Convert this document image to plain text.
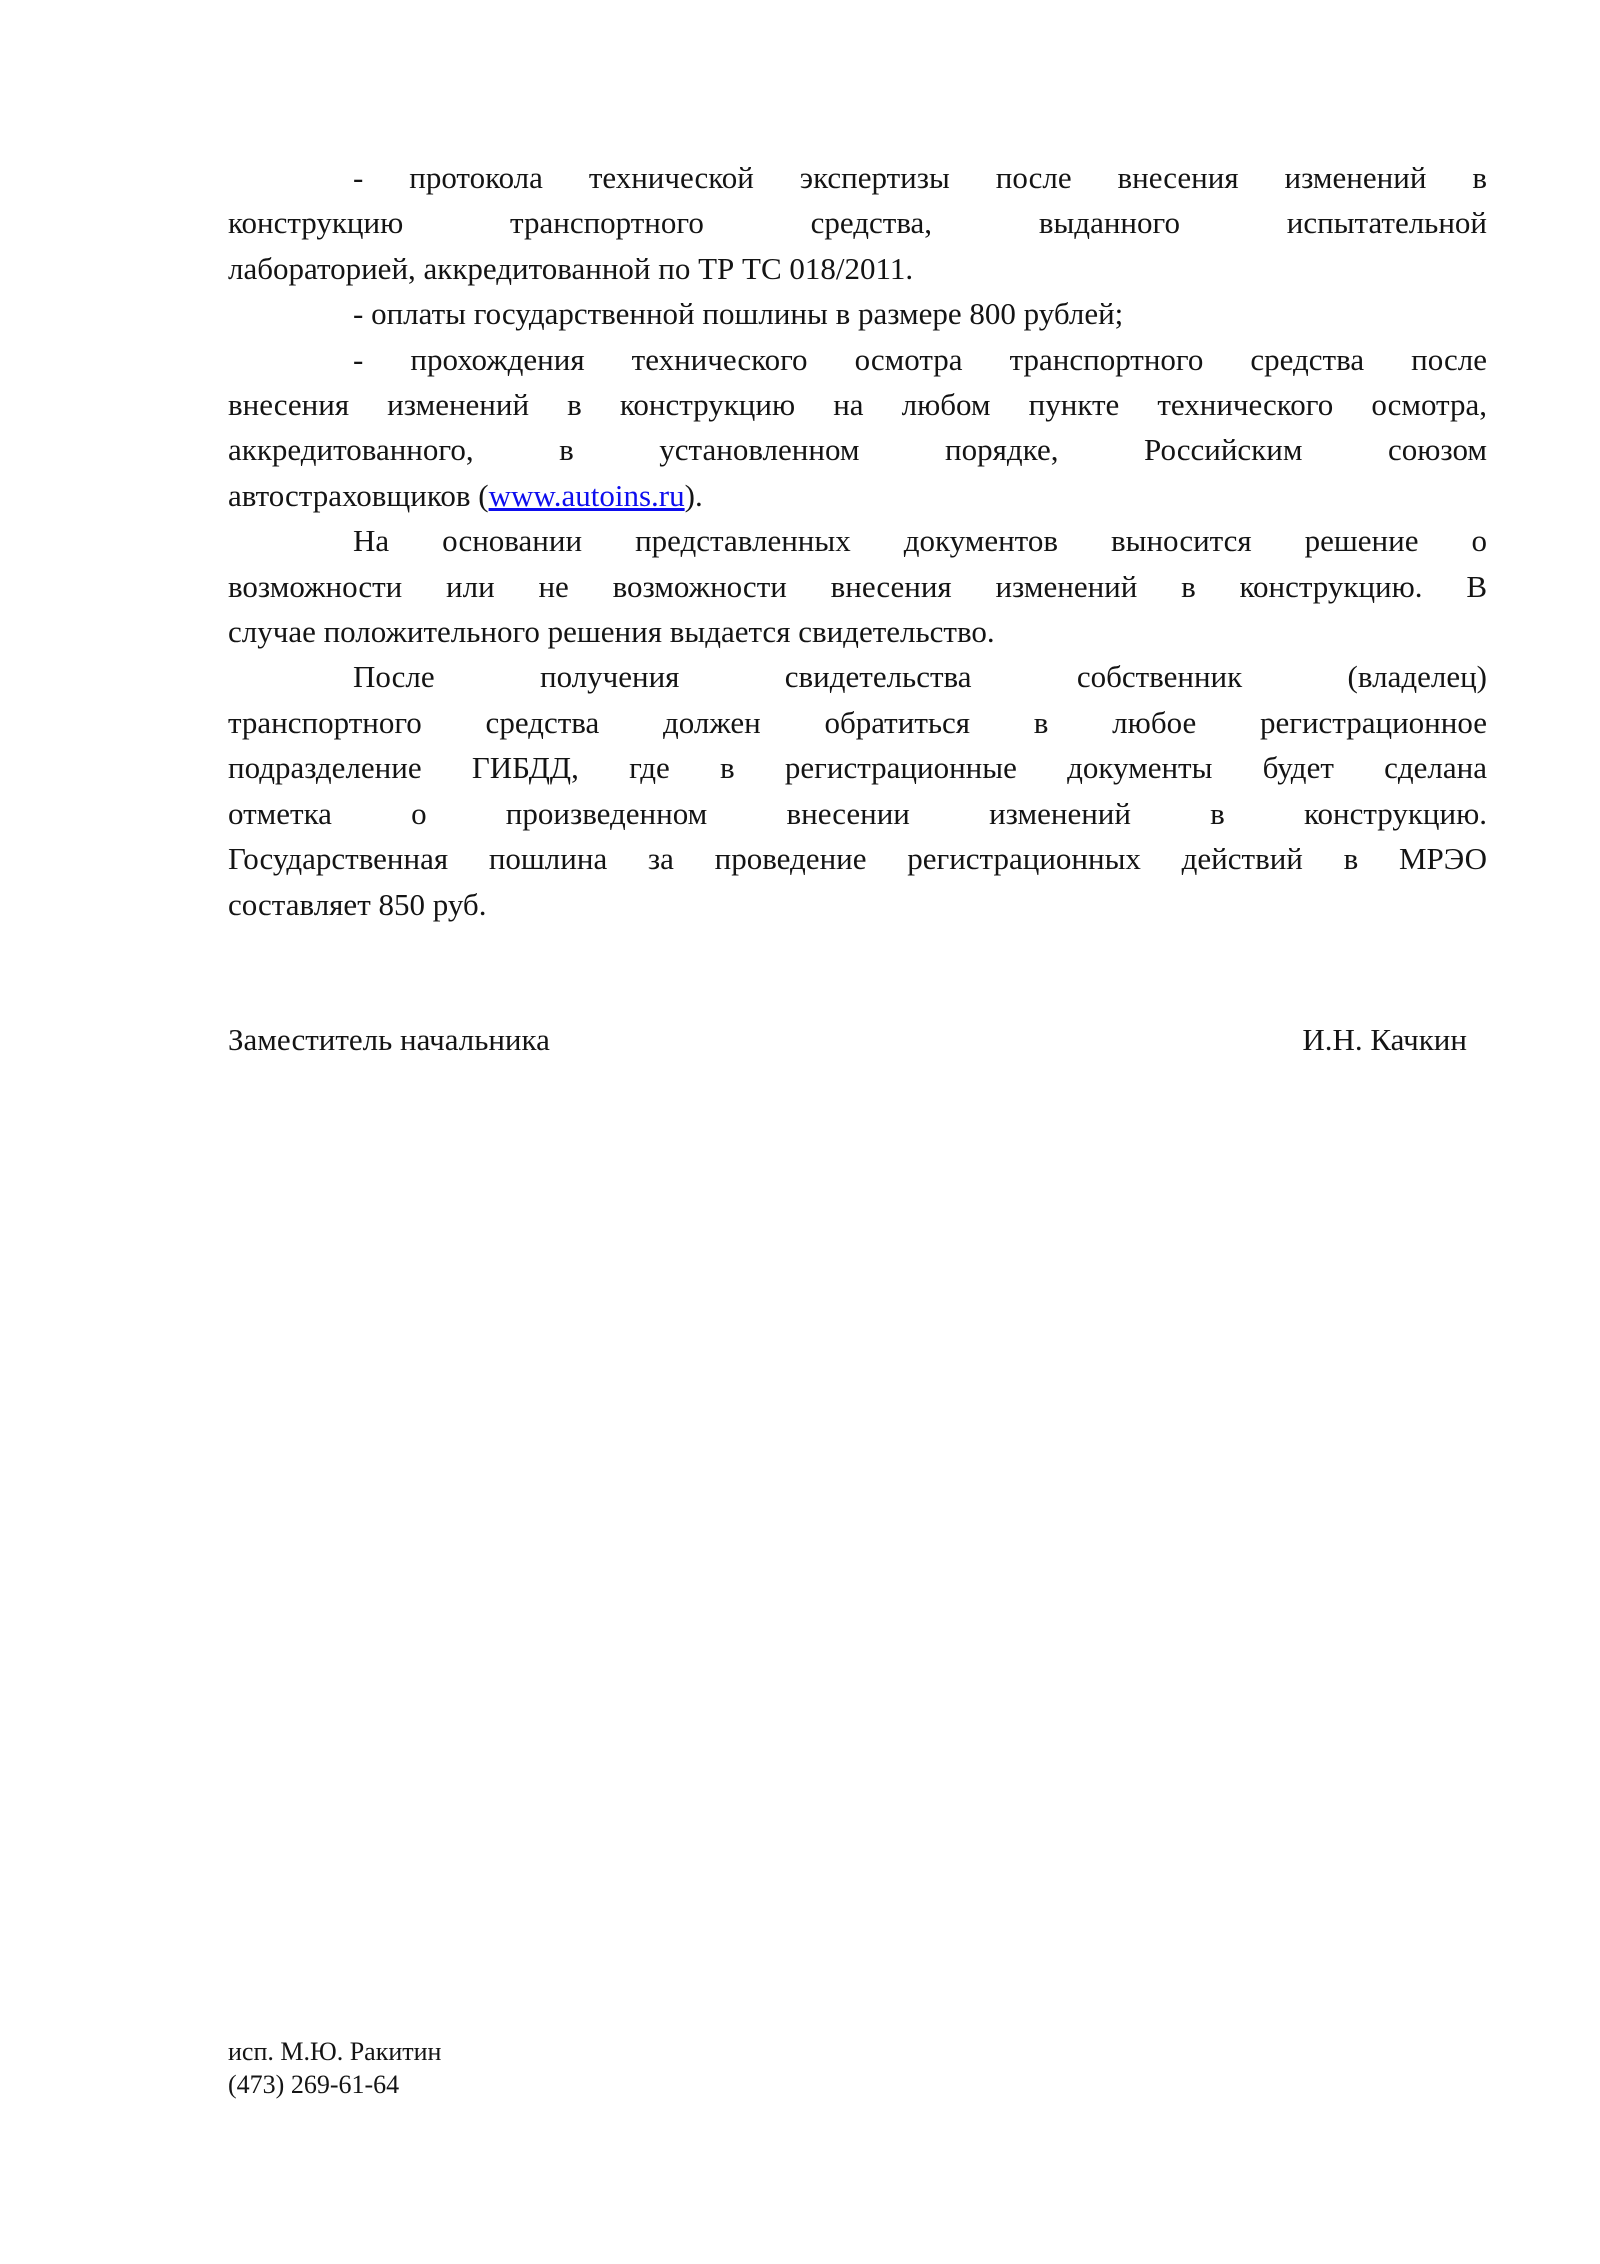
- протокола технической экспертизы после внесения изменений в
конструкцию транспортного средства, выданного испытательной
лабораторией, аккредитованной по ТР ТС 018/2011.
- оплаты государственной пошлины в размере 800 рублей;
- прохождения технического осмотра транспортного средства после
внесения изменений в конструкцию на любом пункте технического осмотра,
аккредитованного, в установленном порядке, Российским союзом
автостраховщиков (www.autoins.ru).
На основании представленных документов выносится решение о
возможности или не возможности внесения изменений в конструкцию. В
случае положительного решения выдается свидетельство.
После получения свидетельства собственник (владелец)
транспортного средства должен обратиться в любое регистрационное
подразделение ГИБДД, где в регистрационные документы будет сделана
отметка о произведенном внесении изменений в конструкцию.
Государственная пошлина за проведение регистрационных действий в МРЭО
составляет 850 руб.
Заместитель начальника	И.Н. Качкин
исп. М.Ю. Ракитин
(473) 269-61-64
